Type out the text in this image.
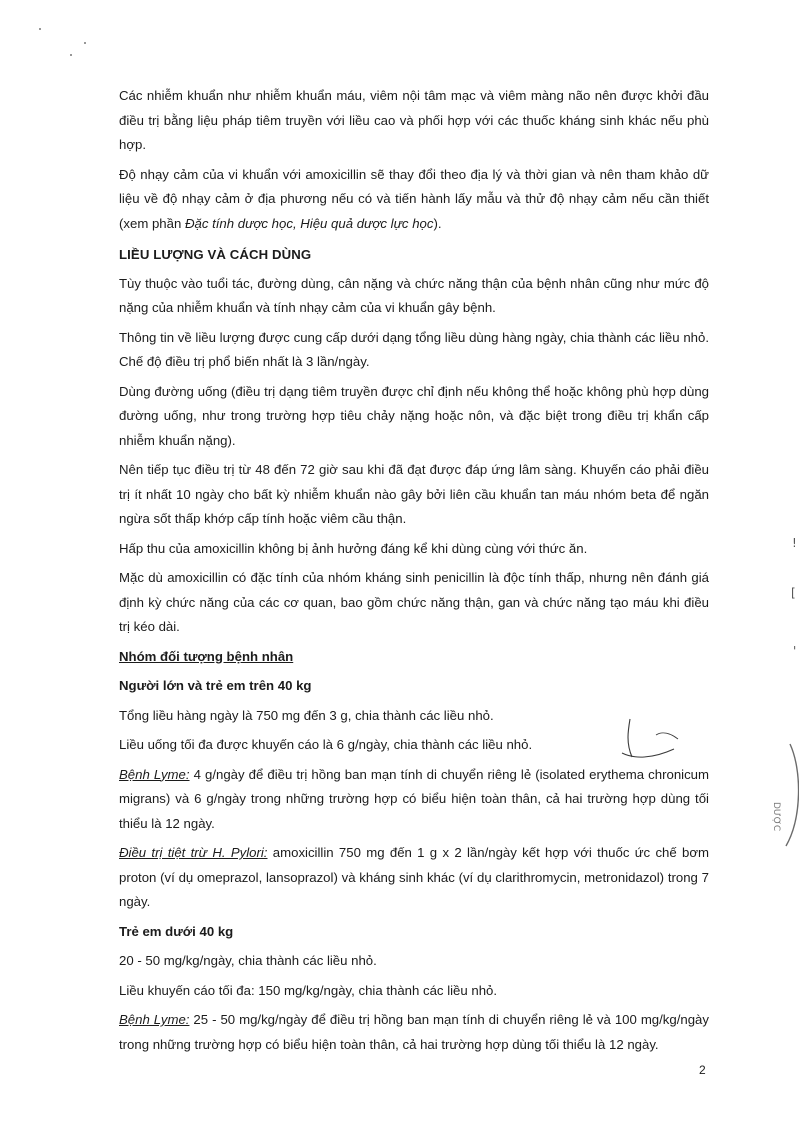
Các nhiễm khuẩn như nhiễm khuẩn máu, viêm nội tâm mạc và viêm màng não nên được khởi đầu điều trị bằng liệu pháp tiêm truyền với liều cao và phối hợp với các thuốc kháng sinh khác nếu phù hợp.

Độ nhạy cảm của vi khuẩn với amoxicillin sẽ thay đổi theo địa lý và thời gian và nên tham khảo dữ liệu về độ nhạy cảm ở địa phương nếu có và tiến hành lấy mẫu và thử độ nhạy cảm nếu cần thiết (xem phần Đặc tính dược học, Hiệu quả dược lực học).

LIỀU LƯỢNG VÀ CÁCH DÙNG

Tùy thuộc vào tuổi tác, đường dùng, cân nặng và chức năng thận của bệnh nhân cũng như mức độ nặng của nhiễm khuẩn và tính nhạy cảm của vi khuẩn gây bệnh.

Thông tin về liều lượng được cung cấp dưới dạng tổng liều dùng hàng ngày, chia thành các liều nhỏ. Chế độ điều trị phổ biến nhất là 3 lần/ngày.

Dùng đường uống (điều trị dạng tiêm truyền được chỉ định nếu không thể hoặc không phù hợp dùng đường uống, như trong trường hợp tiêu chảy nặng hoặc nôn, và đặc biệt trong điều trị khẩn cấp nhiễm khuẩn nặng).

Nên tiếp tục điều trị từ 48 đến 72 giờ sau khi đã đạt được đáp ứng lâm sàng. Khuyến cáo phải điều trị ít nhất 10 ngày cho bất kỳ nhiễm khuẩn nào gây bởi liên cầu khuẩn tan máu nhóm beta để ngăn ngừa sốt thấp khớp cấp tính hoặc viêm cầu thận.

Hấp thu của amoxicillin không bị ảnh hưởng đáng kể khi dùng cùng với thức ăn.

Mặc dù amoxicillin có đặc tính của nhóm kháng sinh penicillin là độc tính thấp, nhưng nên đánh giá định kỳ chức năng của các cơ quan, bao gồm chức năng thận, gan và chức năng tạo máu khi điều trị kéo dài.

Nhóm đối tượng bệnh nhân
Người lớn và trẻ em trên 40 kg

Tổng liều hàng ngày là 750 mg đến 3 g, chia thành các liều nhỏ.

Liều uống tối đa được khuyến cáo là 6 g/ngày, chia thành các liều nhỏ.

Bệnh Lyme: 4 g/ngày để điều trị hồng ban mạn tính di chuyển riêng lẻ (isolated erythema chronicum migrans) và 6 g/ngày trong những trường hợp có biểu hiện toàn thân, cả hai trường hợp dùng tối thiểu là 12 ngày.

Điều trị tiệt trừ H. Pylori: amoxicillin 750 mg đến 1 g x 2 lần/ngày kết hợp với thuốc ức chế bơm proton (ví dụ omeprazol, lansoprazol) và kháng sinh khác (ví dụ clarithromycin, metronidazol) trong 7 ngày.

Trẻ em dưới 40 kg

20 - 50 mg/kg/ngày, chia thành các liều nhỏ.

Liều khuyến cáo tối đa: 150 mg/kg/ngày, chia thành các liều nhỏ.

Bệnh Lyme: 25 - 50 mg/kg/ngày để điều trị hồng ban mạn tính di chuyển riêng lẻ và 100 mg/kg/ngày trong những trường hợp có biểu hiện toàn thân, cả hai trường hợp dùng tối thiểu là 12 ngày.

2
DƯỢC
!
[
'
